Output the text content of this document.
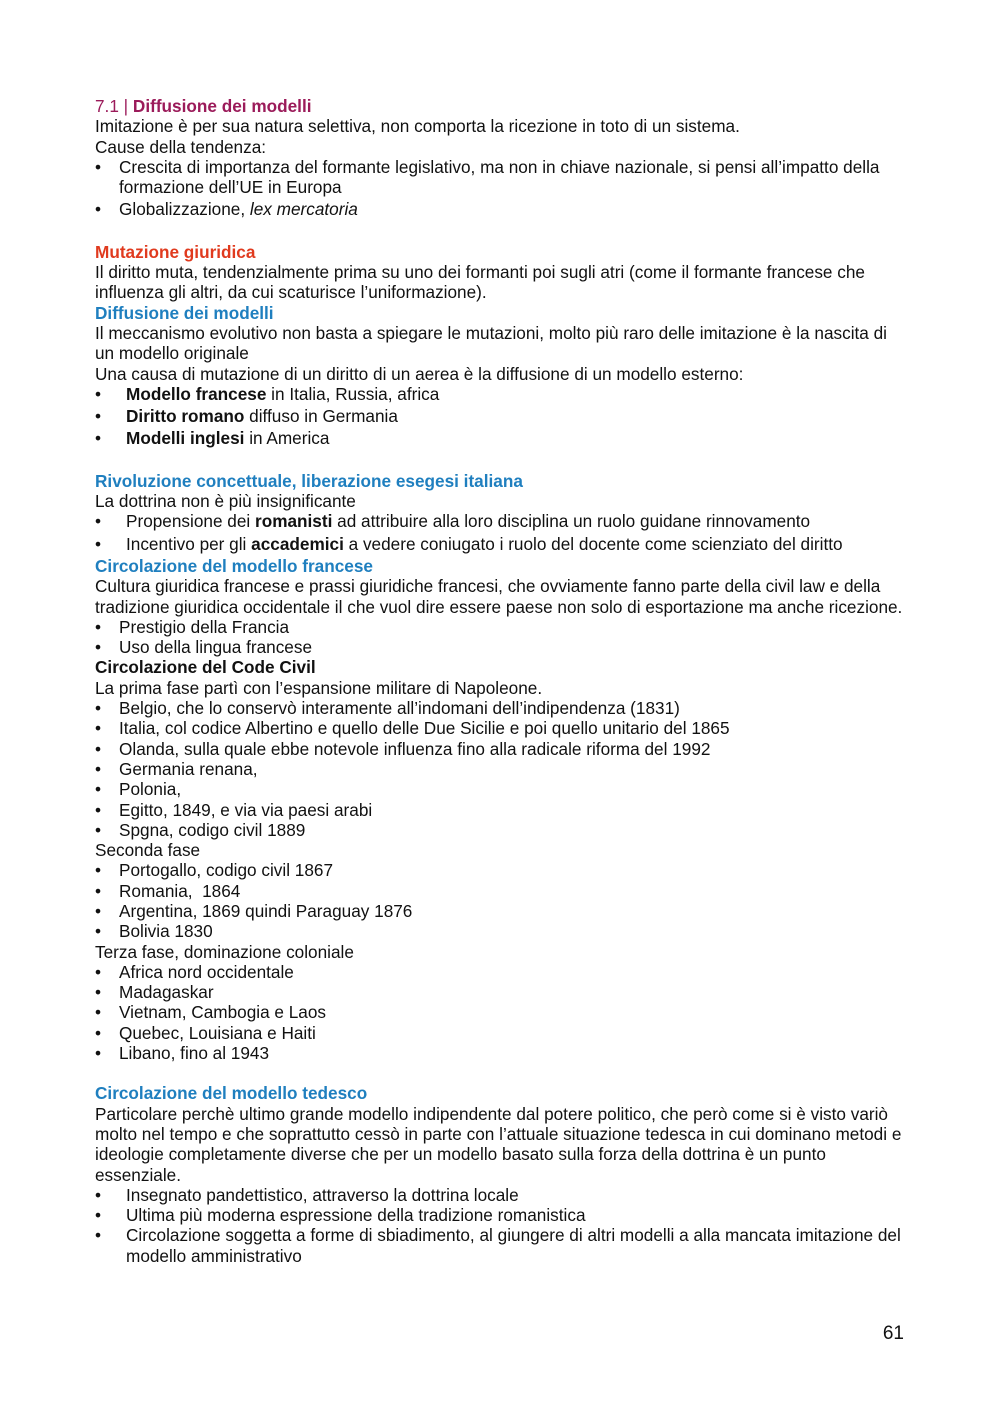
7.1 | Diffusione dei modelli

Imitazione è per sua natura selettiva, non comporta la ricezione in toto di un sistema.

Cause della tendenza:

• Crescita di importanza del formante legislativo, ma non in chiave nazionale, si pensi all’impatto della formazione dell’UE in Europa
• Globalizzazione, lex mercatoria

Mutazione giuridica

Il diritto muta, tendenzialmente prima su uno dei formanti poi sugli atri (come il formante francese che influenza gli altri, da cui scaturisce l’uniformazione).

Diffusione dei modelli

Il meccanismo evolutivo non basta a spiegare le mutazioni, molto più raro delle imitazione è la nascita di un modello originale

Una causa di mutazione di un diritto di un aerea è la diffusione di un modello esterno:

• Modello francese in Italia, Russia, africa
• Diritto romano diffuso in Germania
• Modelli inglesi in America

Rivoluzione concettuale, liberazione esegesi italiana

La dottrina non è più insignificante

• Propensione dei romanisti ad attribuire alla loro disciplina un ruolo guidane rinnovamento
• Incentivo per gli accademici a vedere coniugato i ruolo del docente come scienziato del diritto

Circolazione del modello francese

Cultura giuridica francese e prassi giuridiche francesi, che ovviamente fanno parte della civil law e della tradizione giuridica occidentale il che vuol dire essere paese non solo di esportazione ma anche ricezione.

• Prestigio della Francia
• Uso della lingua francese

Circolazione del Code Civil

La prima fase partì con l’espansione militare di Napoleone.

• Belgio, che lo conservò interamente all’indomani dell’indipendenza (1831)
• Italia, col codice Albertino e quello delle Due Sicilie e poi quello unitario del 1865
• Olanda, sulla quale ebbe notevole influenza fino alla radicale riforma del 1992
• Germania renana,
• Polonia,
• Egitto, 1849, e via via paesi arabi
• Spgna, codigo civil 1889

Seconda fase

• Portogallo, codigo civil 1867
• Romania,  1864
• Argentina, 1869 quindi Paraguay 1876
• Bolivia 1830

Terza fase, dominazione coloniale

• Africa nord occidentale
• Madagaskar
• Vietnam, Cambogia e Laos
• Quebec, Louisiana e Haiti
• Libano, fino al 1943

Circolazione del modello tedesco

Particolare perchè ultimo grande modello indipendente dal potere politico, che però come si è visto variò molto nel tempo e che soprattutto cessò in parte con l’attuale situazione tedesca in cui dominano metodi e ideologie completamente diverse che per un modello basato sulla forza della dottrina è un punto essenziale.

• Insegnato pandettistico, attraverso la dottrina locale
• Ultima più moderna espressione della tradizione romanistica
• Circolazione soggetta a forme di sbiadimento, al giungere di altri modelli a alla mancata imitazione del modello amministrativo
61
